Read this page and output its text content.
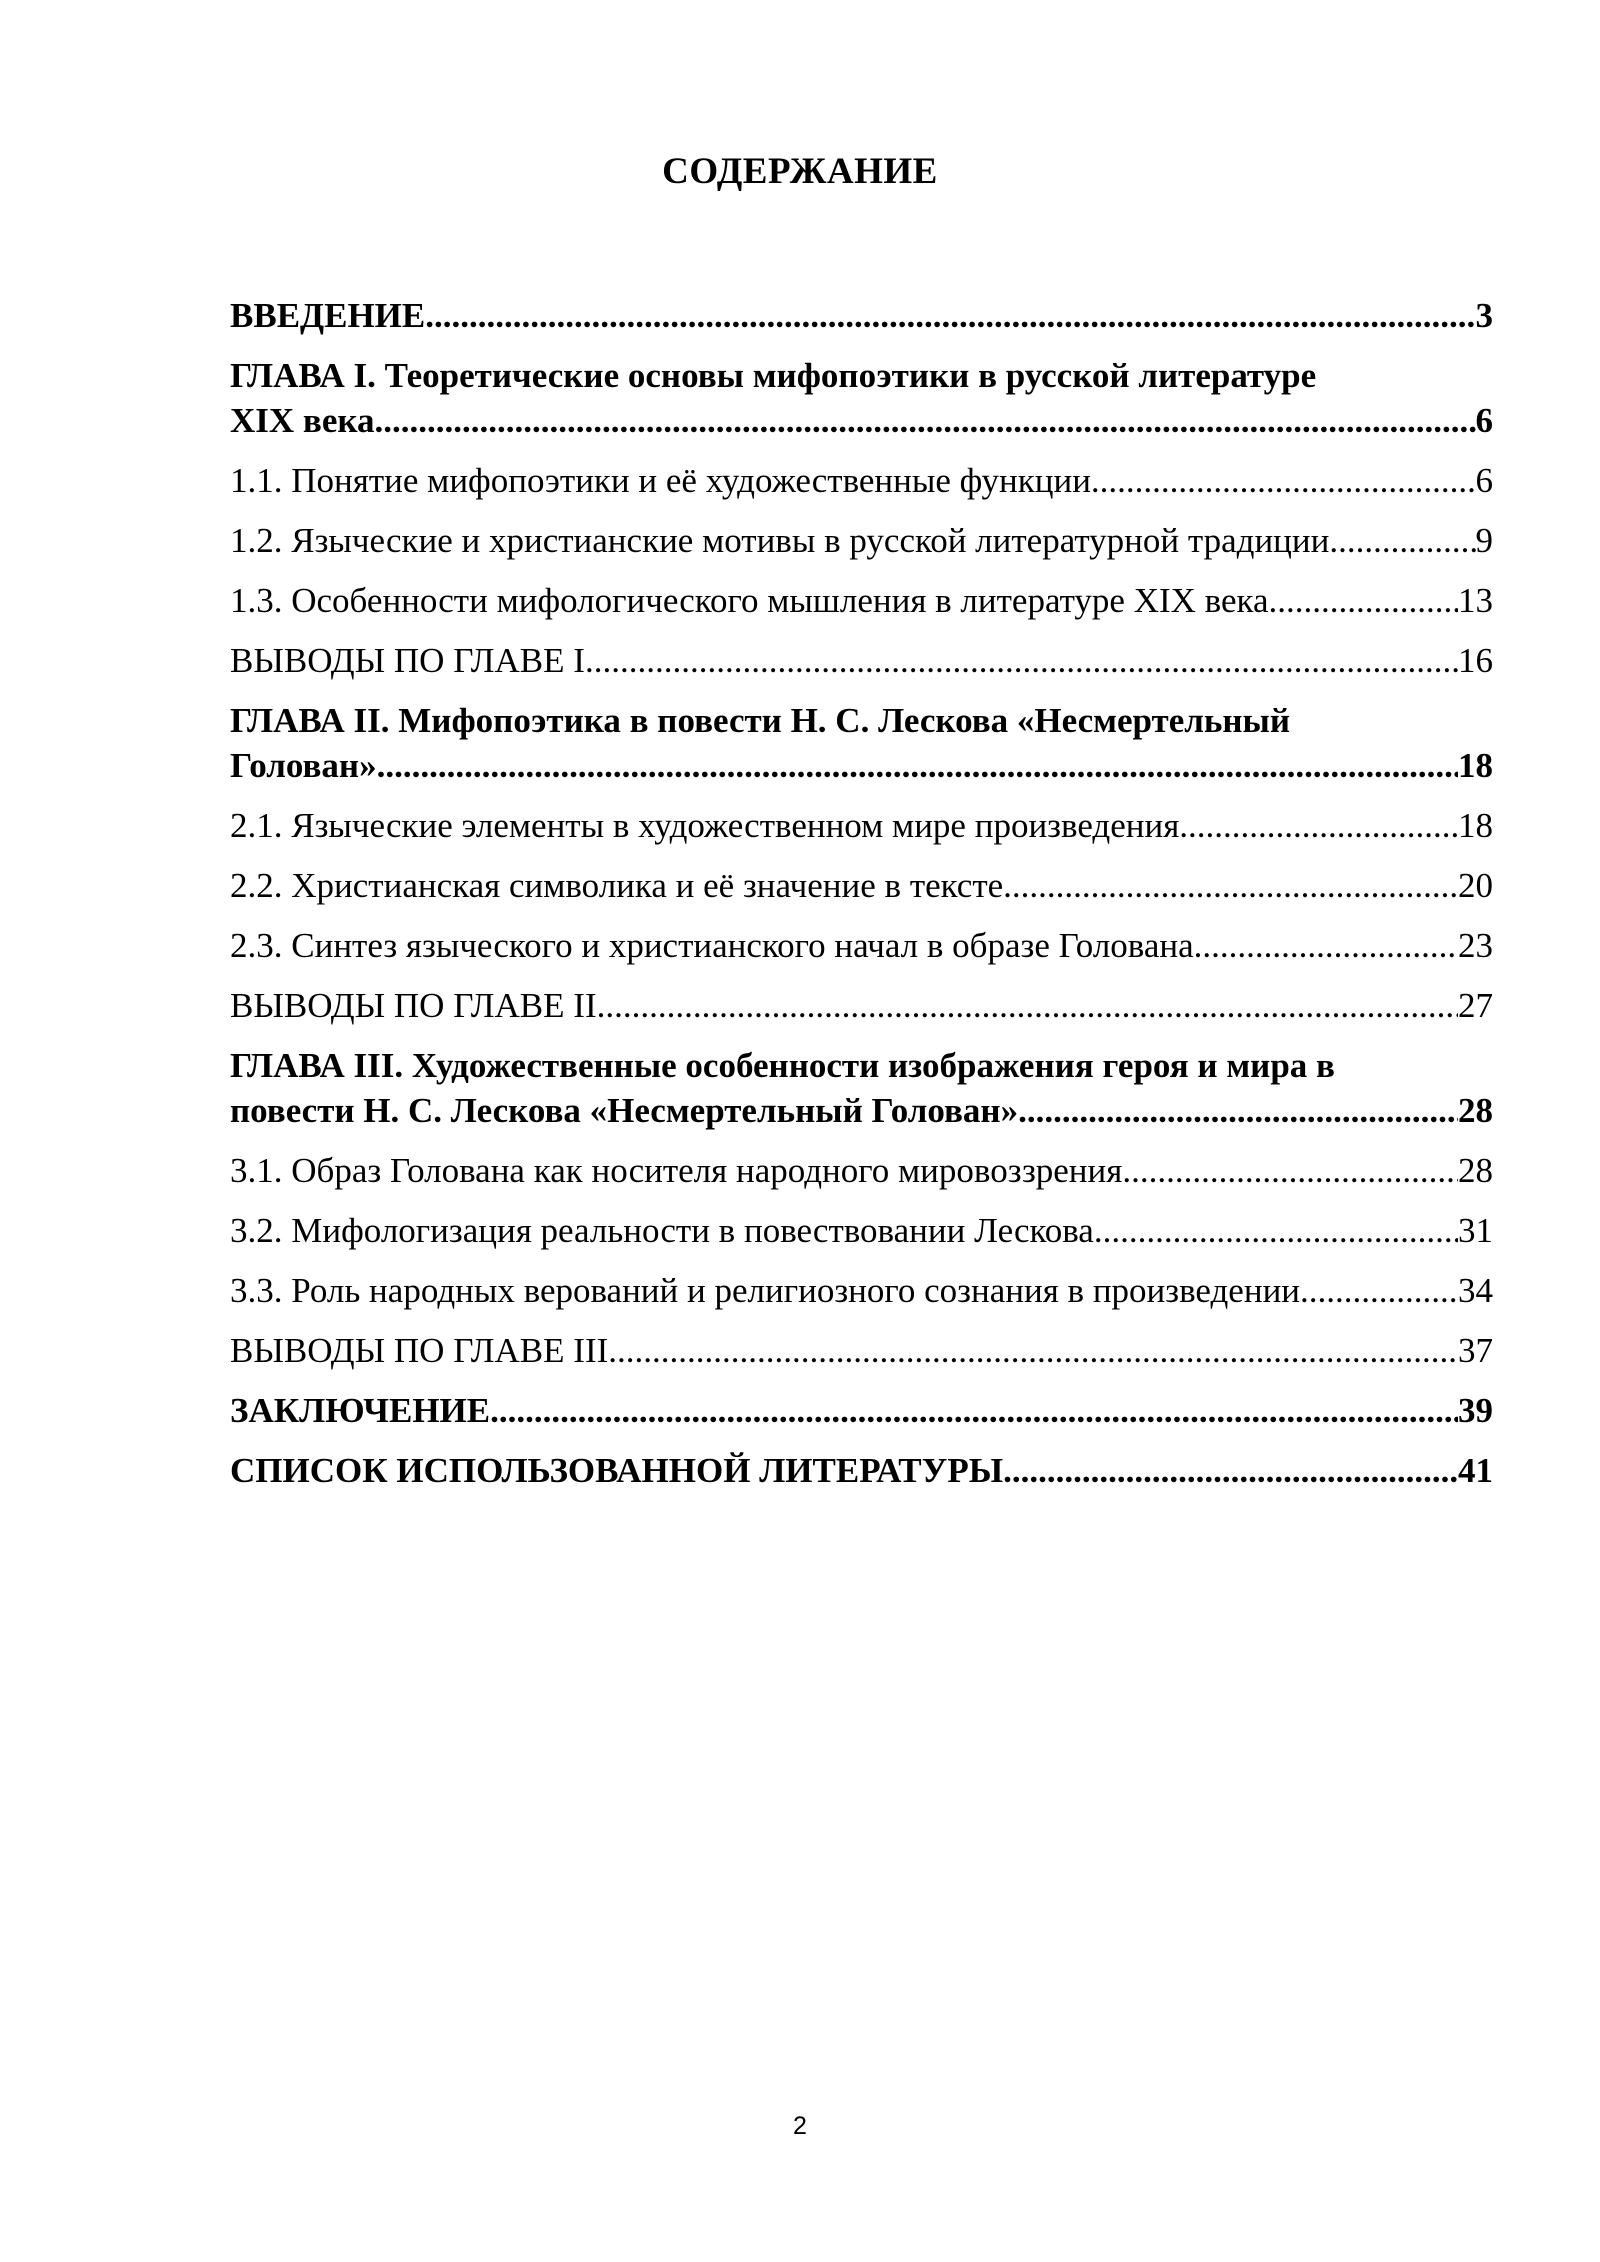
СОДЕРЖАНИЕ
ВВЕДЕНИЕ .....	3
ГЛАВА I. Теоретические основы мифопоэтики в русской литературе
XIX века .....	6
1.1. Понятие мифопоэтики и её художественные функции .....	6
1.2. Языческие и христианские мотивы в русской литературной традиции .....	9
1.3. Особенности мифологического мышления в литературе XIX века .....	13
ВЫВОДЫ ПО ГЛАВЕ I .....	16
ГЛАВА II. Мифопоэтика в повести Н. С. Лескова «Несмертельный
Голован» .....	18
2.1. Языческие элементы в художественном мире произведения .....	18
2.2. Христианская символика и её значение в тексте .....	20
2.3. Синтез языческого и христианского начал в образе Голована .....	23
ВЫВОДЫ ПО ГЛАВЕ II .....	27
ГЛАВА III. Художественные особенности изображения героя и мира в
повести Н. С. Лескова «Несмертельный Голован» .....	28
3.1. Образ Голована как носителя народного мировоззрения .....	28
3.2. Мифологизация реальности в повествовании Лескова .....	31
3.3. Роль народных верований и религиозного сознания в произведении .....	34
ВЫВОДЫ ПО ГЛАВЕ III .....	37
ЗАКЛЮЧЕНИЕ .....	39
СПИСОК ИСПОЛЬЗОВАННОЙ ЛИТЕРАТУРЫ .....	41
2
